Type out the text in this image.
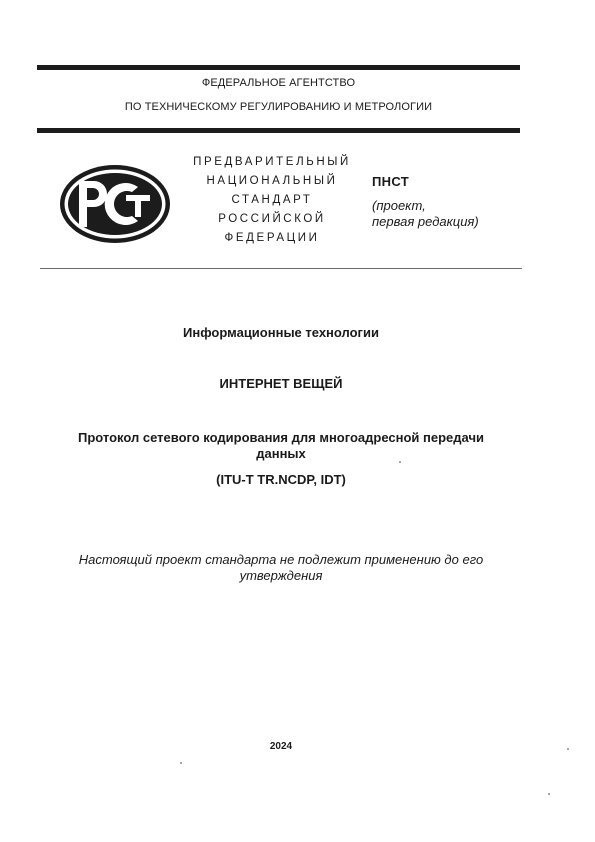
ФЕДЕРАЛЬНОЕ АГЕНТСТВО
ПО ТЕХНИЧЕСКОМУ РЕГУЛИРОВАНИЮ И МЕТРОЛОГИИ
ПРЕДВАРИТЕЛЬНЫЙ
НАЦИОНАЛЬНЫЙ
СТАНДАРТ
РОССИЙСКОЙ
ФЕДЕРАЦИИ
ПНСТ
(проект,
первая редакция)
Информационные технологии
ИНТЕРНЕТ ВЕЩЕЙ
Протокол сетевого кодирования для многоадресной передачи
данных
(ITU-T TR.NCDP, IDT)
Настоящий проект стандарта не подлежит применению до его
утверждения
2024
